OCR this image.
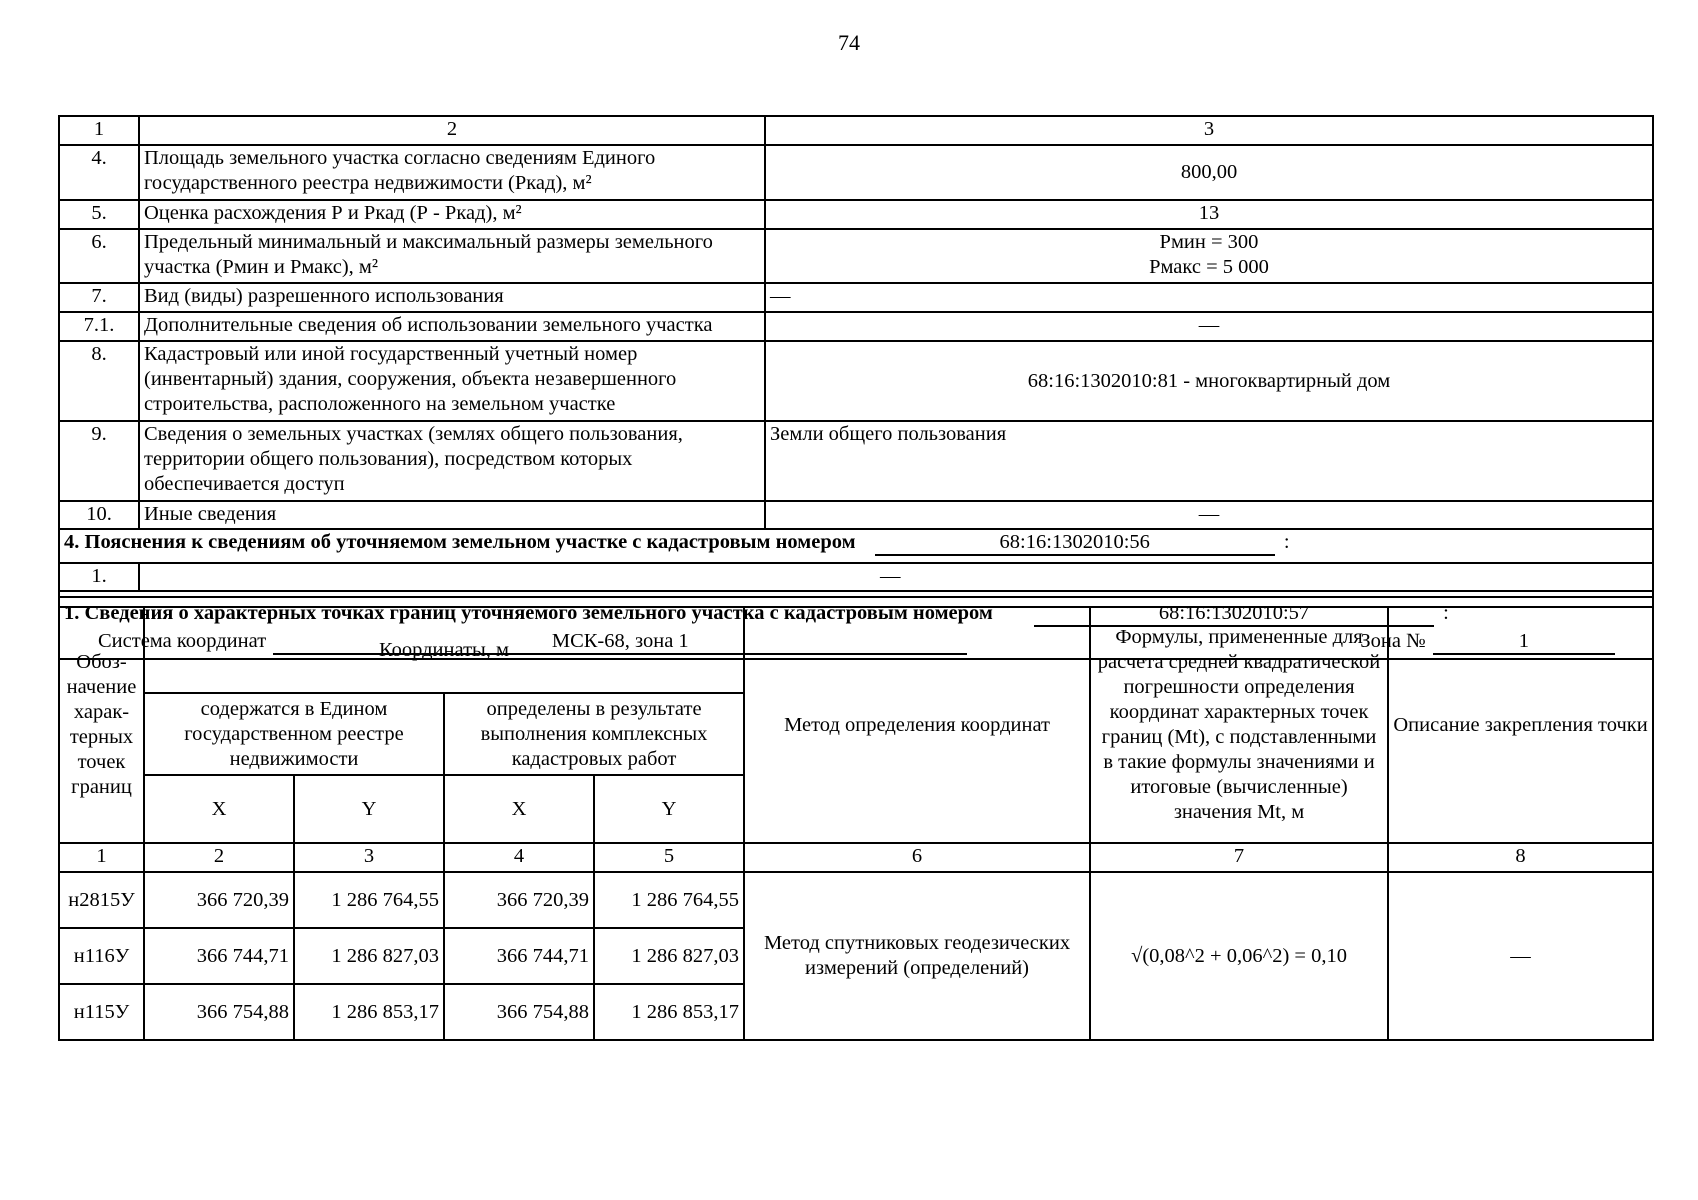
74
1	2	3
4.	Площадь земельного участка согласно сведениям Единого государственного реестра недвижимости (Ркад), м²	800,00
5.	Оценка расхождения Р и Ркад (Р - Ркад), м²	13
6.	Предельный минимальный и максимальный размеры земельного участка (Рмин и Рмакс), м²	Рмин = 300
Рмакс = 5 000

7.	Вид (виды) разрешенного использования	—
7.1.	Дополнительные сведения об использовании земельного участка	—
8.	Кадастровый или иной государственный учетный номер (инвентарный) здания, сооружения, объекта незавершенного строительства, расположенного на земельном участке	68:16:1302010:81 - многоквартирный дом
9.	Сведения о земельных участках (землях общего пользования, территории общего пользования), посредством которых обеспечивается доступ	Земли общего пользования
10.	Иные сведения	—
4. Пояснения к сведениям об уточняемом земельном участке с кадастровым номером 68:16:1302010:56 :		
1.	—	

1. Сведения о характерных точках границ уточняемого земельного участка с кадастровым номером 68:16:1302010:57 :
Система координат МСК-68, зона 1 Зона № 1		
Обоз-начение харак-терных точек границ	Координаты, м				Метод определения координат	Формулы, примененные для расчета средней квадратической погрешности определения координат характерных точек границ (Mt), с подставленными в такие формулы значениями и итоговые (вычисленные) значения Mt, м	Описание закрепления точки
	содержатся в Едином государственном реестре недвижимости		определены в результате выполнения комплексных кадастровых работ				
	X	Y	X	Y			
1	2	3	4	5	6	7	8
н2815У	366 720,39	1 286 764,55	366 720,39	1 286 764,55	Метод спутниковых геодезических измерений (определений)	√(0,08^2 + 0,06^2) = 0,10	—
н116У	366 744,71	1 286 827,03	366 744,71	1 286 827,03			
н115У	366 754,88	1 286 853,17	366 754,88	1 286 853,17			
